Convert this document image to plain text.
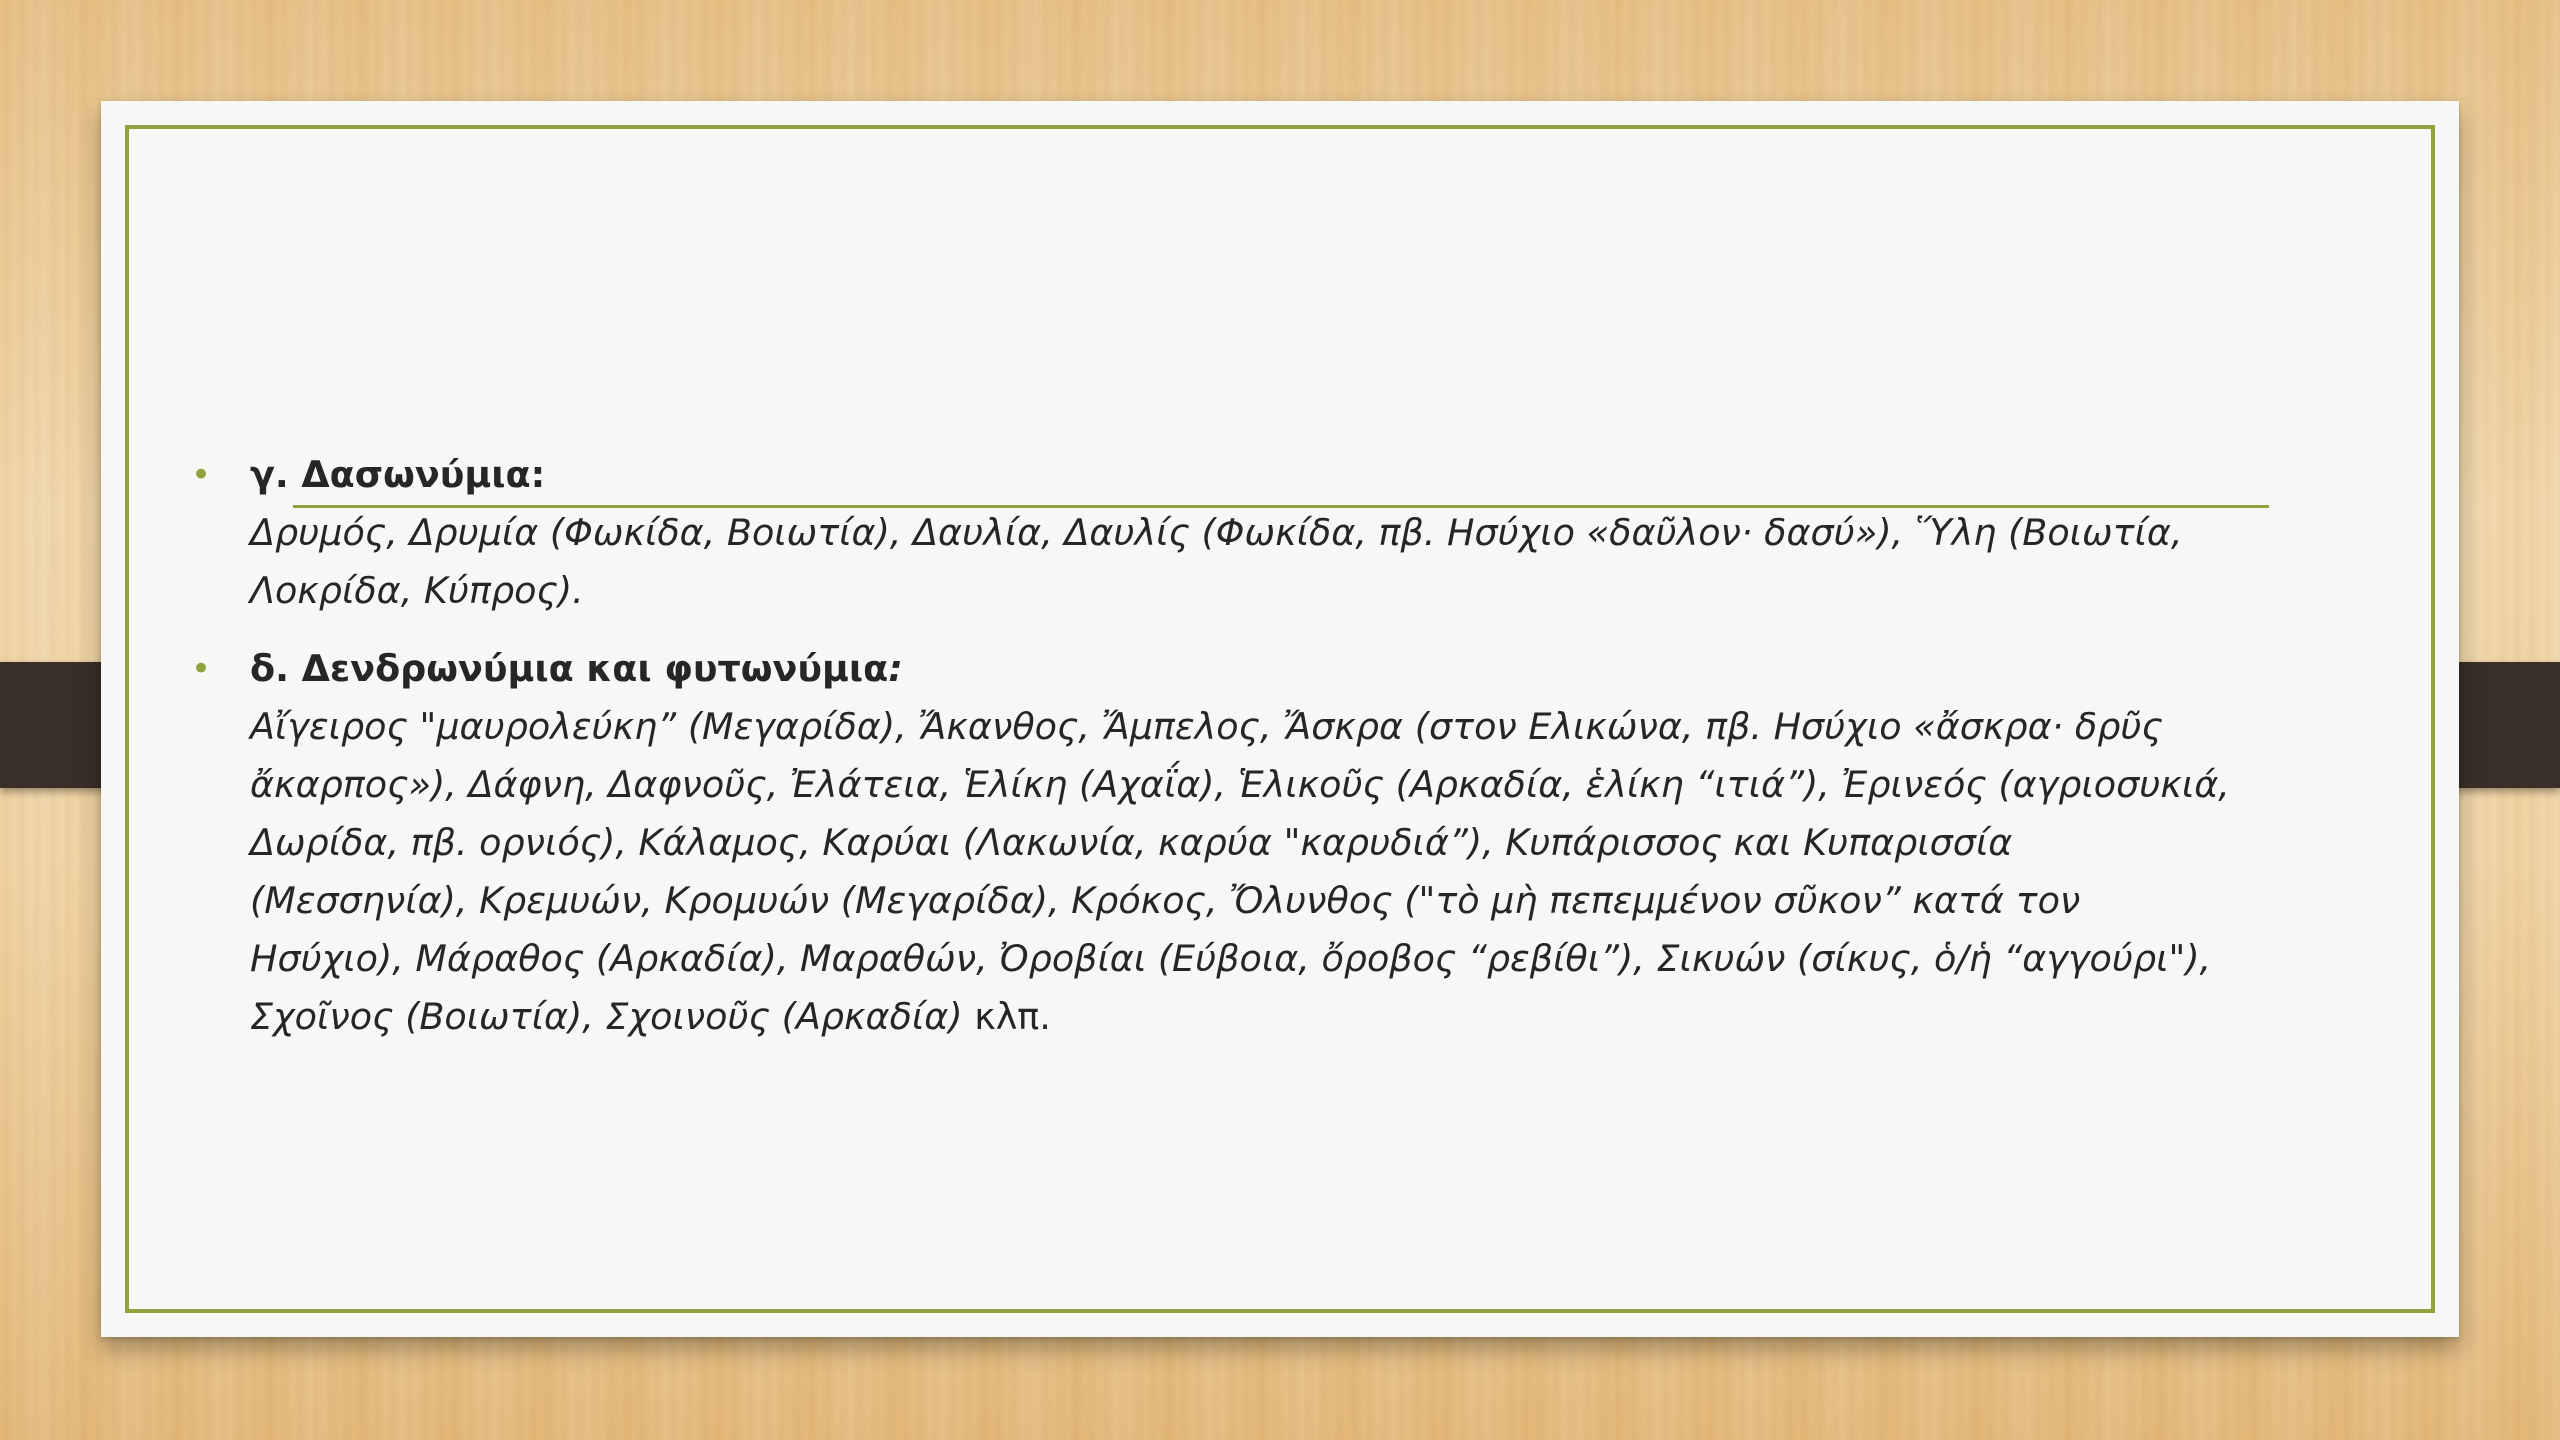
• γ. Δασωνύμια:
Δρυμός, Δρυμία (Φωκίδα, Βοιωτία), Δαυλία, Δαυλίς (Φωκίδα, πβ. Ησύχιο «δαῦλον· δασύ»), Ὕλη (Βοιωτία, Λοκρίδα, Κύπρος).
• δ. Δενδρωνύμια και φυτωνύμια:
Αἴγειρος "μαυρολεύκη” (Μεγαρίδα), Ἄκανθος, Ἄμπελος, Ἄσκρα (στον Ελικώνα, πβ. Ησύχιο «ἄσκρα· δρῦς ἄκαρπος»), Δάφνη, Δαφνοῦς, Ἐλάτεια, Ἑλίκη (Αχαΐα), Ἑλικοῦς (Αρκαδία, ἑλίκη “ιτιά”), Ἐρινεός (αγριοσυκιά, Δωρίδα, πβ. ορνιός), Κάλαμος, Καρύαι (Λακωνία, καρύα "καρυδιά”), Κυπάρισσος και Κυπαρισσία (Μεσσηνία), Κρεμυών, Κρομυών (Μεγαρίδα), Κρόκος, Ὄλυνθος ("τὸ μὴ πεπεμμένον σῦκον” κατά τον Ησύχιο), Μάραθος (Αρκαδία), Μαραθών, Ὀροβίαι (Εύβοια, ὄροβος “ρεβίθι”), Σικυών (σίκυς, ὁ/ἡ “αγγούρι"), Σχοῖνος (Βοιωτία), Σχοινοῦς (Αρκαδία) κλπ.
